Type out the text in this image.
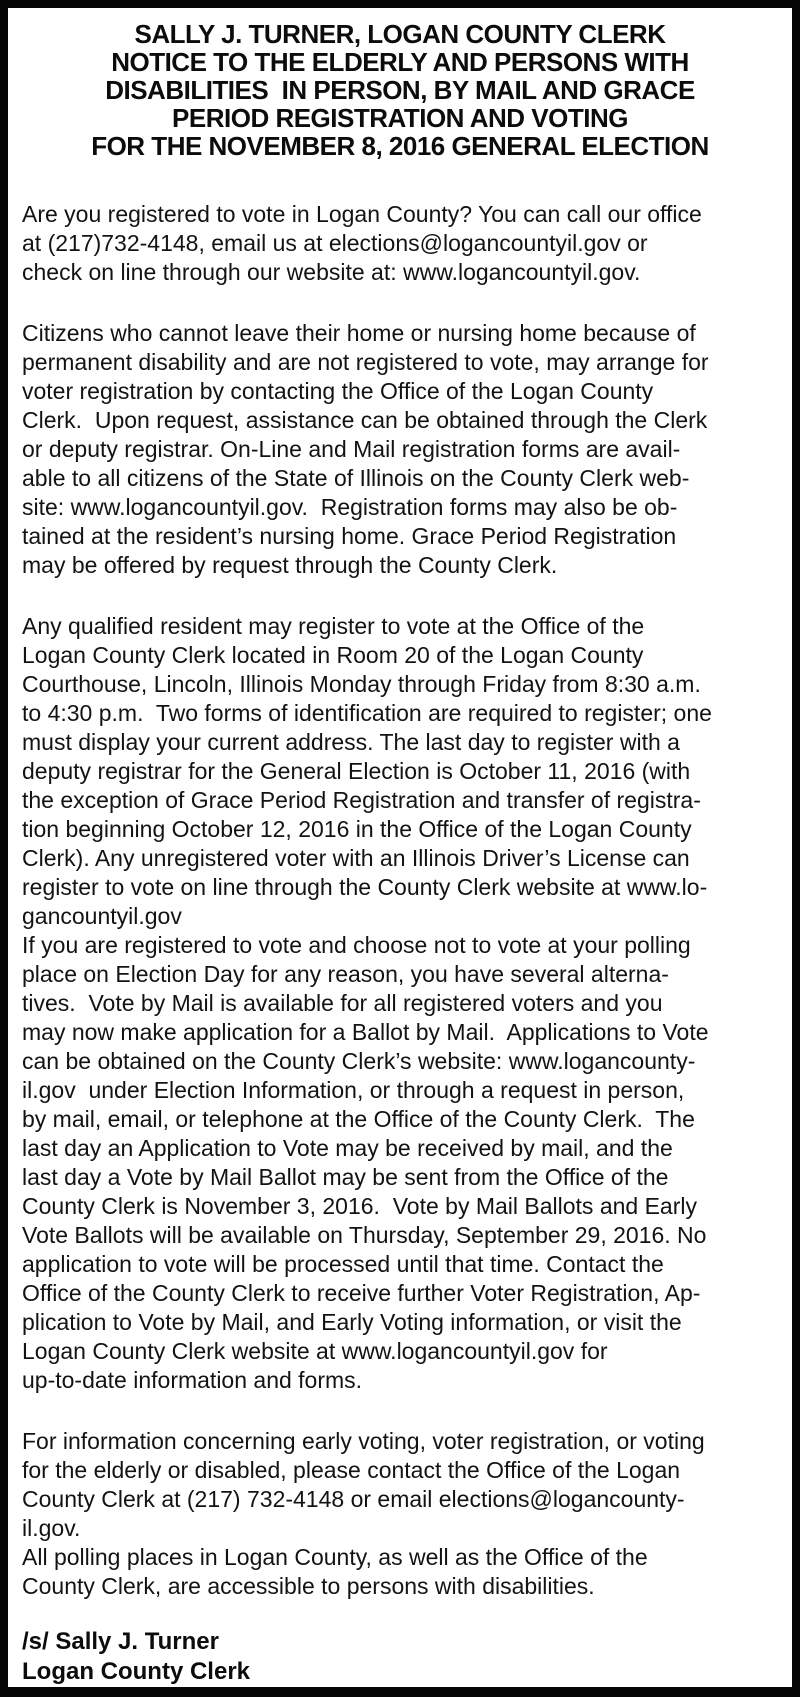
SALLY J. TURNER, LOGAN COUNTY CLERK
NOTICE TO THE ELDERLY AND PERSONS WITH
DISABILITIES  IN PERSON, BY MAIL AND GRACE
PERIOD REGISTRATION AND VOTING
FOR THE NOVEMBER 8, 2016 GENERAL ELECTION
Are you registered to vote in Logan County? You can call our office
at (217)732-4148, email us at elections@logancountyil.gov or
check on line through our website at: www.logancountyil.gov.
Citizens who cannot leave their home or nursing home because of
permanent disability and are not registered to vote, may arrange for
voter registration by contacting the Office of the Logan County
Clerk.  Upon request, assistance can be obtained through the Clerk
or deputy registrar. On-Line and Mail registration forms are avail-
able to all citizens of the State of Illinois on the County Clerk web-
site: www.logancountyil.gov.  Registration forms may also be ob-
tained at the resident’s nursing home. Grace Period Registration
may be offered by request through the County Clerk.
Any qualified resident may register to vote at the Office of the
Logan County Clerk located in Room 20 of the Logan County
Courthouse, Lincoln, Illinois Monday through Friday from 8:30 a.m.
to 4:30 p.m.  Two forms of identification are required to register; one
must display your current address. The last day to register with a
deputy registrar for the General Election is October 11, 2016 (with
the exception of Grace Period Registration and transfer of registra-
tion beginning October 12, 2016 in the Office of the Logan County
Clerk). Any unregistered voter with an Illinois Driver’s License can
register to vote on line through the County Clerk website at www.lo-
gancountyil.gov
If you are registered to vote and choose not to vote at your polling
place on Election Day for any reason, you have several alterna-
tives.  Vote by Mail is available for all registered voters and you
may now make application for a Ballot by Mail.  Applications to Vote
can be obtained on the County Clerk’s website: www.logancounty-
il.gov  under Election Information, or through a request in person,
by mail, email, or telephone at the Office of the County Clerk.  The
last day an Application to Vote may be received by mail, and the
last day a Vote by Mail Ballot may be sent from the Office of the
County Clerk is November 3, 2016.  Vote by Mail Ballots and Early
Vote Ballots will be available on Thursday, September 29, 2016. No
application to vote will be processed until that time. Contact the
Office of the County Clerk to receive further Voter Registration, Ap-
plication to Vote by Mail, and Early Voting information, or visit the
Logan County Clerk website at www.logancountyil.gov for
up-to-date information and forms.
For information concerning early voting, voter registration, or voting
for the elderly or disabled, please contact the Office of the Logan
County Clerk at (217) 732-4148 or email elections@logancounty-
il.gov.
All polling places in Logan County, as well as the Office of the
County Clerk, are accessible to persons with disabilities.
/s/ Sally J. Turner
Logan County Clerk
